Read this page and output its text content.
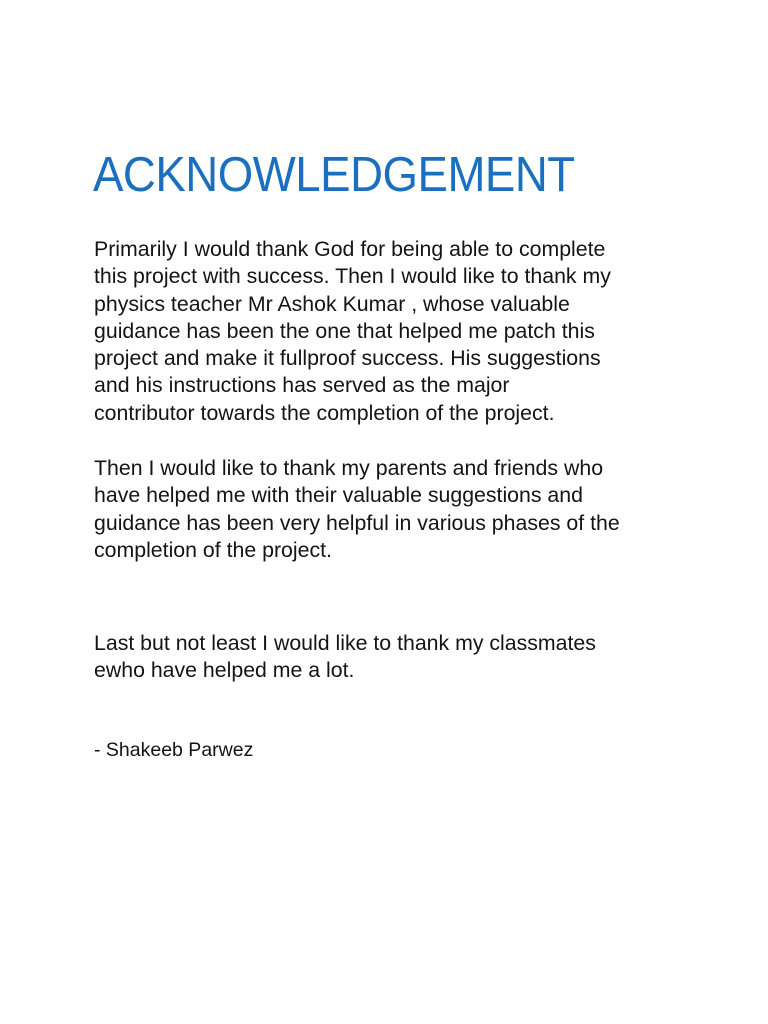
ACKNOWLEDGEMENT

Primarily I would thank God for being able to complete
this project with success. Then I would like to thank my
physics teacher Mr Ashok Kumar , whose valuable
guidance has been the one that helped me patch this
project and make it fullproof success. His suggestions
and his instructions has served as the major
contributor towards the completion of the project.

Then I would like to thank my parents and friends who
have helped me with their valuable suggestions and
guidance has been very helpful in various phases of the
completion of the project.

Last but not least I would like to thank my classmates
ewho have helped me a lot.

- Shakeeb Parwez
